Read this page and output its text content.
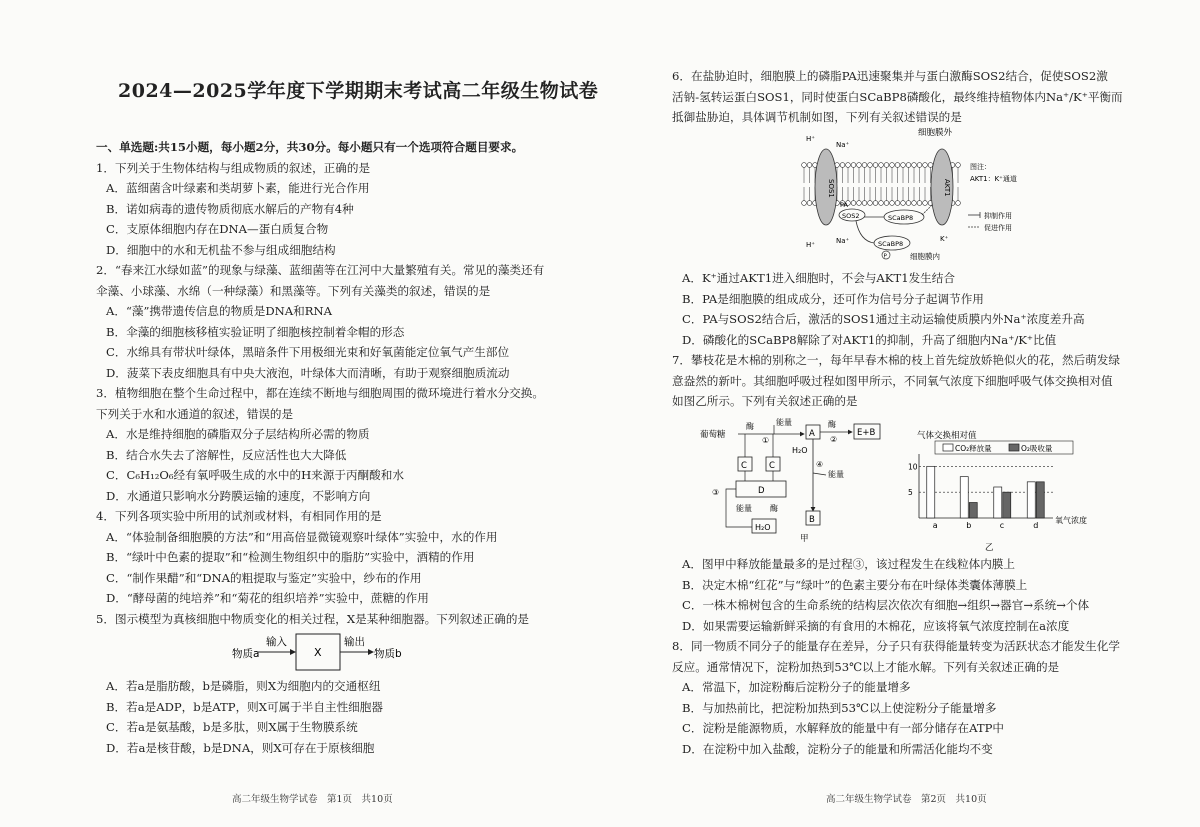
2024—2025学年度下学期期末考试高二年级生物试卷
一、单选题:共15小题，每小题2分，共30分。每小题只有一个选项符合题目要求。
1．下列关于生物体结构与组成物质的叙述，正确的是
A．蓝细菌含叶绿素和类胡萝卜素，能进行光合作用
B．诺如病毒的遗传物质彻底水解后的产物有4种
C．支原体细胞内存在DNA—蛋白质复合物
D．细胞中的水和无机盐不参与组成细胞结构
2．“春来江水绿如蓝”的现象与绿藻、蓝细菌等在江河中大量繁殖有关。常见的藻类还有
伞藻、小球藻、水绵（一种绿藻）和黑藻等。下列有关藻类的叙述，错误的是
A．“藻”携带遗传信息的物质是DNA和RNA
B．伞藻的细胞核移植实验证明了细胞核控制着伞帽的形态
C．水绵具有带状叶绿体，黑暗条件下用极细光束和好氧菌能定位氧气产生部位
D．菠菜下表皮细胞具有中央大液泡，叶绿体大而清晰，有助于观察细胞质流动
3．植物细胞在整个生命过程中，都在连续不断地与细胞周围的微环境进行着水分交换。
下列关于水和水通道的叙述，错误的是
A．水是维持细胞的磷脂双分子层结构所必需的物质
B．结合水失去了溶解性，反应活性也大大降低
C．C₆H₁₂O₆经有氧呼吸生成的水中的H来源于丙酮酸和水
D．水通道只影响水分跨膜运输的速度，不影响方向
4．下列各项实验中所用的试剂或材料，有相同作用的是
A．“体验制备细胞膜的方法”和“用高倍显微镜观察叶绿体”实验中，水的作用
B．“绿叶中色素的提取”和“检测生物组织中的脂肪”实验中，酒精的作用
C．“制作果醋”和“DNA的粗提取与鉴定”实验中，纱布的作用
D．“酵母菌的纯培养”和“菊花的组织培养”实验中，蔗糖的作用
5．图示模型为真核细胞中物质变化的相关过程，X是某种细胞器。下列叙述正确的是
物质a
输入
X
输出
物质b
A．若a是脂肪酸，b是磷脂，则X为细胞内的交通枢纽
B．若a是ADP，b是ATP，则X可属于半自主性细胞器
C．若a是氨基酸，b是多肽，则X属于生物膜系统
D．若a是核苷酸，b是DNA，则X可存在于原核细胞
高二年级生物学试卷　第1页　共10页
6．在盐胁迫时，细胞膜上的磷脂PA迅速聚集并与蛋白激酶SOS2结合，促使SOS2激
活钠-氢转运蛋白SOS1，同时使蛋白SCaBP8磷酸化，最终维持植物体内Na⁺/K⁺平衡而
抵御盐胁迫，具体调节机制如图，下列有关叙述错误的是
细胞膜外
SOS1	AKT1
H⁺
Na⁺
H⁺	Na⁺	K⁺
PA
SOS2	SCaBP8
SCaBP8
P	细胞膜内
图注：
AKT1：K⁺通道
抑制作用
促进作用
A．K⁺通过AKT1进入细胞时，不会与AKT1发生结合
B．PA是细胞膜的组成成分，还可作为信号分子起调节作用
C．PA与SOS2结合后，激活的SOS1通过主动运输使质膜内外Na⁺浓度差升高
D．磷酸化的SCaBP8解除了对AKT1的抑制，升高了细胞内Na⁺/K⁺比值
7．攀枝花是木棉的别称之一，每年早春木棉的枝上首先绽放娇艳似火的花，然后萌发绿
意盎然的新叶。其细胞呼吸过程如图甲所示，不同氧气浓度下细胞呼吸气体交换相对值
如图乙所示。下列有关叙述正确的是
葡萄糖
酶
①
能量
A
酶
②
E+B
H₂O
④
能量
B
C	C
D
③
能量 酶
H₂O
甲
气体交换相对值
CO₂释放量	O₂吸收量
5
10
a	b	c	d
氧气浓度
乙
A．图甲中释放能量最多的是过程③，该过程发生在线粒体内膜上
B．决定木棉“红花”与“绿叶”的色素主要分布在叶绿体类囊体薄膜上
C．一株木棉树包含的生命系统的结构层次依次有细胞→组织→器官→系统→个体
D．如果需要运输新鲜采摘的有食用的木棉花，应该将氧气浓度控制在a浓度
8．同一物质不同分子的能量存在差异，分子只有获得能量转变为活跃状态才能发生化学
反应。通常情况下，淀粉加热到53℃以上才能水解。下列有关叙述正确的是
A．常温下，加淀粉酶后淀粉分子的能量增多
B．与加热前比，把淀粉加热到53℃以上使淀粉分子能量增多
C．淀粉是能源物质，水解释放的能量中有一部分储存在ATP中
D．在淀粉中加入盐酸，淀粉分子的能量和所需活化能均不变
高二年级生物学试卷　第2页　共10页
